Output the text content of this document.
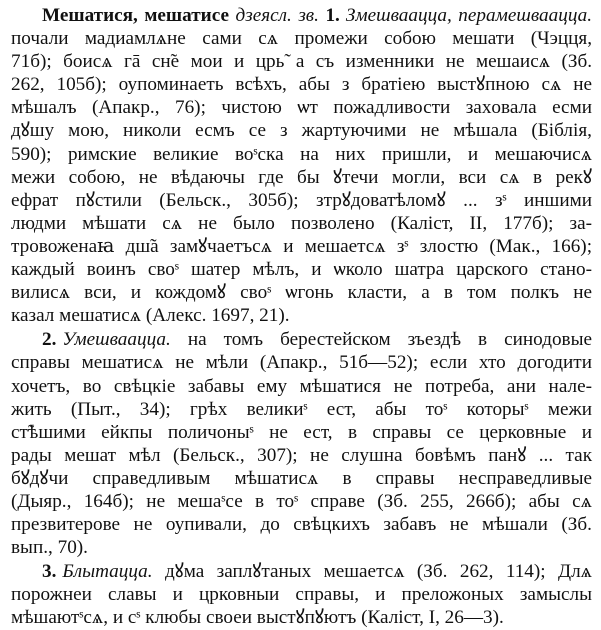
Мешатися, мешатисе дзеясл. зв. 1. Змешваацца, перамешваацца.
почали мадиамлѧне сами сѧ промежи собою мешати (Чэцця,
71б); боисѧ гā сн̃е мои и црь̃ а съ изменники не мешаисѧ (Зб.
262, 105б); оупоминаеть всѣхъ, абы з братіею выстꙋпною сѧ не
мѣшалъ (Апакр., 76); чистою ѡт пожадливости захoвала есми
дꙋшу мою, николи есмъ се з жартуючими не мѣшала (Біблія,
590); римские великие воˢска на них пришли, и мешаючисѧ
межи собою, не вѣдаючы где бы ꙋтечи могли, вси сѧ в рекꙋ
ефрат пꙋстили (Бельск., 305б); зтрꙋдоватѣломꙋ ... зˢ иншими
людми мѣшати сѧ не было позволено (Каліст, II, 177б); за-
тровоженаꙗ дш̃а замꙋчаетъсѧ и мешаетсѧ зˢ злостю (Мак., 166);
каждый воинъ своˢ шатер мѣлъ, и ѡколо шатра царского стано-
вилисѧ вси, и кождомꙋ своˢ ѡгонь класти, а в том полкъ не
казал мешатисѧ (Алекс. 1697, 21).
2. Умешваацца. на томъ берестейском зъездѣ в синодовые
справы мешатисѧ не мѣли (Апакр., 51б—52); если хто догодити
хочетъ, во свѣцкіе забавы ему мѣшатися не потреба, ани нале-
жить (Пыт., 34); грѣх великиˢ ест, абы тоˢ которыˢ межи
ст̃ѣшими ейкпы поличоныˢ не ест, в справы се церковные и
рады мешат мѣл (Бельск., 307); не слушна бовѣмъ панꙋ ... так
бꙋдꙋчи справедливым мѣшатиcѧ в справы несправедливые
(Дыяр., 164б); не мешаˢсе в тоˢ справе (Зб. 255, 266б); абы сѧ
презвитерове не оупивали, до свѣцкихъ забавъ не мѣшали (Зб.
вып., 70).
3. Блытацца. дꙋма заплꙋтаных мешаетсѧ (Зб. 262, 114); Длѧ
порожнеи славы и црковныи справы, и преложоных замыслы
мѣшаютˢсѧ, и cˢ клюбы своеи выстꙋпꙋютъ (Каліст, I, 26—3).
